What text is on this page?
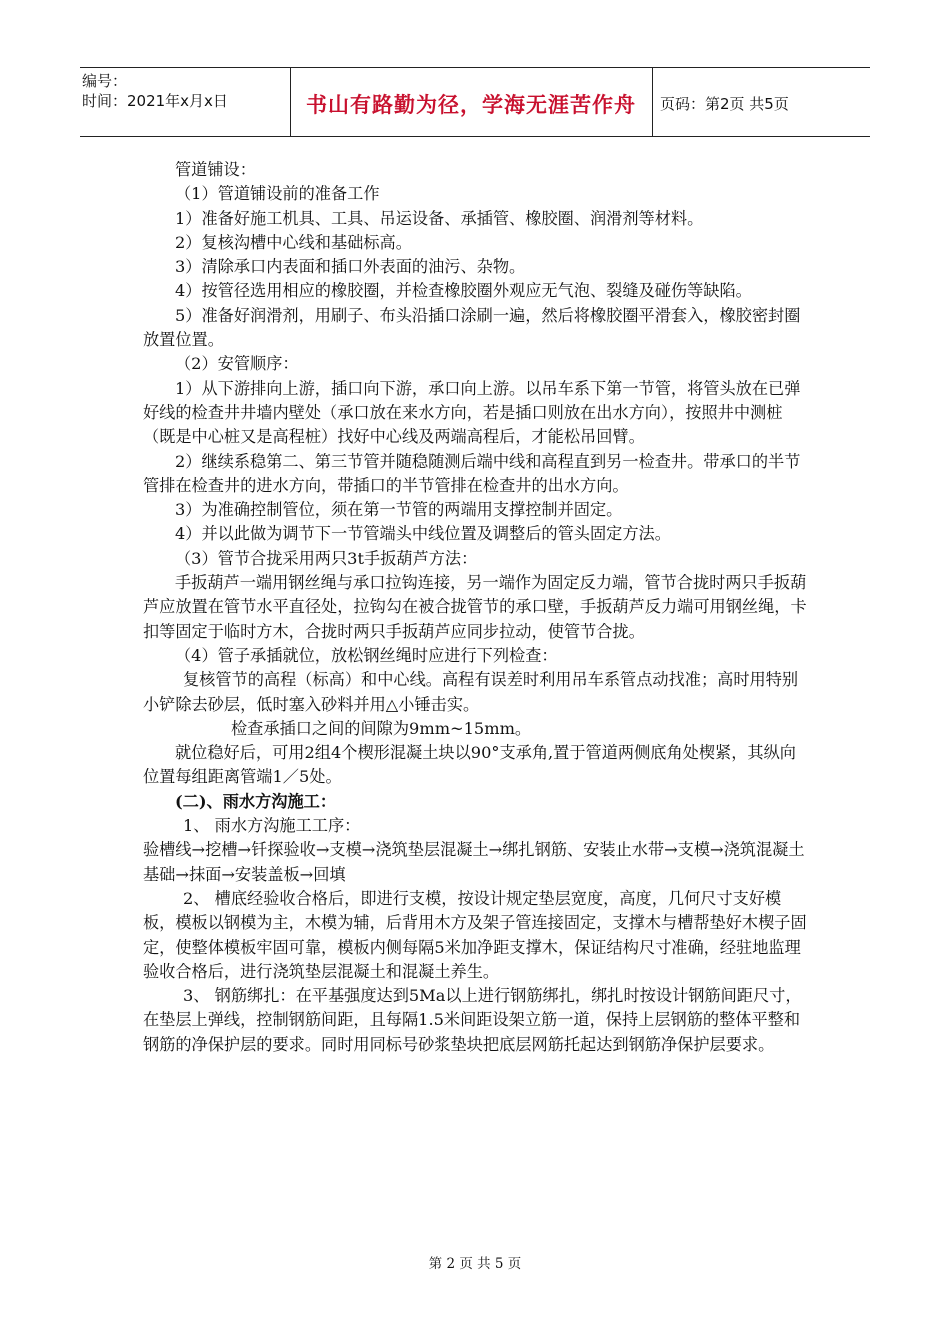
编号：
时间：2021年x月x日	书山有路勤为径，学海无涯苦作舟	页码：第2页 共5页

管道铺设：

（1）管道铺设前的准备工作

1）准备好施工机具、工具、吊运设备、承插管、橡胶圈、润滑剂等材料。

2）复核沟槽中心线和基础标高。

3）清除承口内表面和插口外表面的油污、杂物。

4）按管径选用相应的橡胶圈，并检查橡胶圈外观应无气泡、裂缝及碰伤等缺陷。

5）准备好润滑剂，用刷子、布头沿插口涂刷一遍，然后将橡胶圈平滑套入，橡胶密封圈放置位置。

（2）安管顺序：

1）从下游排向上游，插口向下游，承口向上游。以吊车系下第一节管，将管头放在已弹好线的检查井井墙内壁处（承口放在来水方向，若是插口则放在出水方向），按照井中测桩（既是中心桩又是高程桩）找好中心线及两端高程后，才能松吊回臂。

2）继续系稳第二、第三节管并随稳随测后端中线和高程直到另一检查井。带承口的半节管排在检查井的进水方向，带插口的半节管排在检查井的出水方向。

3）为准确控制管位，须在第一节管的两端用支撑控制并固定。

4）并以此做为调节下一节管端头中线位置及调整后的管头固定方法。

（3）管节合拢采用两只3t手扳葫芦方法：

手扳葫芦一端用钢丝绳与承口拉钩连接，另一端作为固定反力端，管节合拢时两只手扳葫芦应放置在管节水平直径处，拉钩勾在被合拢管节的承口壁，手扳葫芦反力端可用钢丝绳，卡扣等固定于临时方木，合拢时两只手扳葫芦应同步拉动，使管节合拢。

（4）管子承插就位，放松钢丝绳时应进行下列检查：

复核管节的高程（标高）和中心线。高程有误差时利用吊车系管点动找准；高时用特别小铲除去砂层，低时塞入砂料并用△小锤击实。

检查承插口之间的间隙为9mm~15mm。

就位稳好后，可用2组4个楔形混凝土块以90°支承角,置于管道两侧底角处楔紧，其纵向位置每组距离管端1／5处。

(二)、雨水方沟施工：

1、 雨水方沟施工工序：

验槽线→挖槽→钎探验收→支模→浇筑垫层混凝土→绑扎钢筋、安装止水带→支模→浇筑混凝土基础→抹面→安装盖板→回填

2、 槽底经验收合格后，即进行支模，按设计规定垫层宽度，高度，几何尺寸支好模板，模板以钢模为主，木模为辅，后背用木方及架子管连接固定，支撑木与槽帮垫好木楔子固定，使整体模板牢固可靠，模板内侧每隔5米加净距支撑木，保证结构尺寸准确，经驻地监理验收合格后，进行浇筑垫层混凝土和混凝土养生。

3、 钢筋绑扎：在平基强度达到5Ma以上进行钢筋绑扎，绑扎时按设计钢筋间距尺寸，在垫层上弹线，控制钢筋间距，且每隔1.5米间距设架立筋一道，保持上层钢筋的整体平整和钢筋的净保护层的要求。同时用同标号砂浆垫块把底层网筋托起达到钢筋净保护层要求。

第 2 页 共 5 页
